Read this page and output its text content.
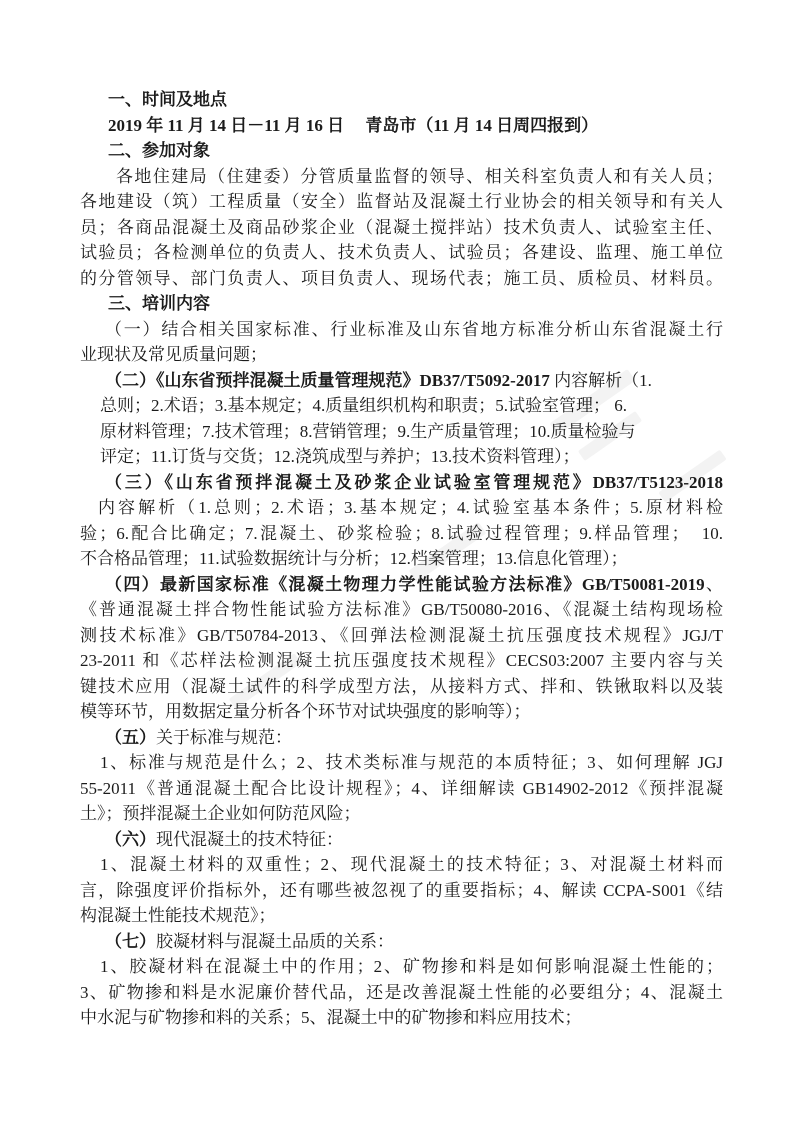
一、时间及地点
2019 年 11 月 14 日－11 月 16 日　 青岛市（11 月 14 日周四报到）
二、参加对象
各地住建局（住建委）分管质量监督的领导、相关科室负责人和有关人员；
各地建设（筑）工程质量（安全）监督站及混凝土行业协会的相关领导和有关人
员；各商品混凝土及商品砂浆企业（混凝土搅拌站）技术负责人、试验室主任、
试验员；各检测单位的负责人、技术负责人、试验员；各建设、监理、施工单位
的分管领导、部门负责人、项目负责人、现场代表；施工员、质检员、材料员。
三、培训内容
（一）结合相关国家标准、行业标准及山东省地方标准分析山东省混凝土行
业现状及常见质量问题；
（二）《山东省预拌混凝土质量管理规范》DB37/T5092-2017 内容解析（1.
总则；2.术语；3.基本规定；4.质量组织机构和职责；5.试验室管理； 6.
原材料管理；7.技术管理；8.营销管理；9.生产质量管理；10.质量检验与
评定；11.订货与交货；12.浇筑成型与养护；13.技术资料管理）；
（三）《山东省预拌混凝土及砂浆企业试验室管理规范》DB37/T5123-2018
内容解析（1.总则；2.术语；3.基本规定；4.试验室基本条件；5.原材料检
验；6.配合比确定；7.混凝土、砂浆检验；8.试验过程管理；9.样品管理；  10.
不合格品管理；11.试验数据统计与分析；12.档案管理；13.信息化管理）；
（四）最新国家标准《混凝土物理力学性能试验方法标准》GB/T50081-2019、
《普通混凝土拌合物性能试验方法标准》GB/T50080-2016、《混凝土结构现场检
测技术标准》GB/T50784-2013、《回弹法检测混凝土抗压强度技术规程》JGJ/T
23-2011 和《芯样法检测混凝土抗压强度技术规程》CECS03:2007 主要内容与关
键技术应用（混凝土试件的科学成型方法，从接料方式、拌和、铁锹取料以及装
模等环节，用数据定量分析各个环节对试块强度的影响等）；
（五）关于标准与规范：
1、标准与规范是什么；2、技术类标准与规范的本质特征；3、如何理解 JGJ
55-2011《普通混凝土配合比设计规程》；4、详细解读 GB14902-2012《预拌混凝
土》；预拌混凝土企业如何防范风险；
（六）现代混凝土的技术特征：
1、混凝土材料的双重性；2、现代混凝土的技术特征；3、对混凝土材料而
言，除强度评价指标外，还有哪些被忽视了的重要指标；4、解读 CCPA-S001《结
构混凝土性能技术规范》；
（七）胶凝材料与混凝土品质的关系：
1、胶凝材料在混凝土中的作用；2、矿物掺和料是如何影响混凝土性能的；
3、矿物掺和料是水泥廉价替代品，还是改善混凝土性能的必要组分；4、混凝土
中水泥与矿物掺和料的关系；5、混凝土中的矿物掺和料应用技术；
